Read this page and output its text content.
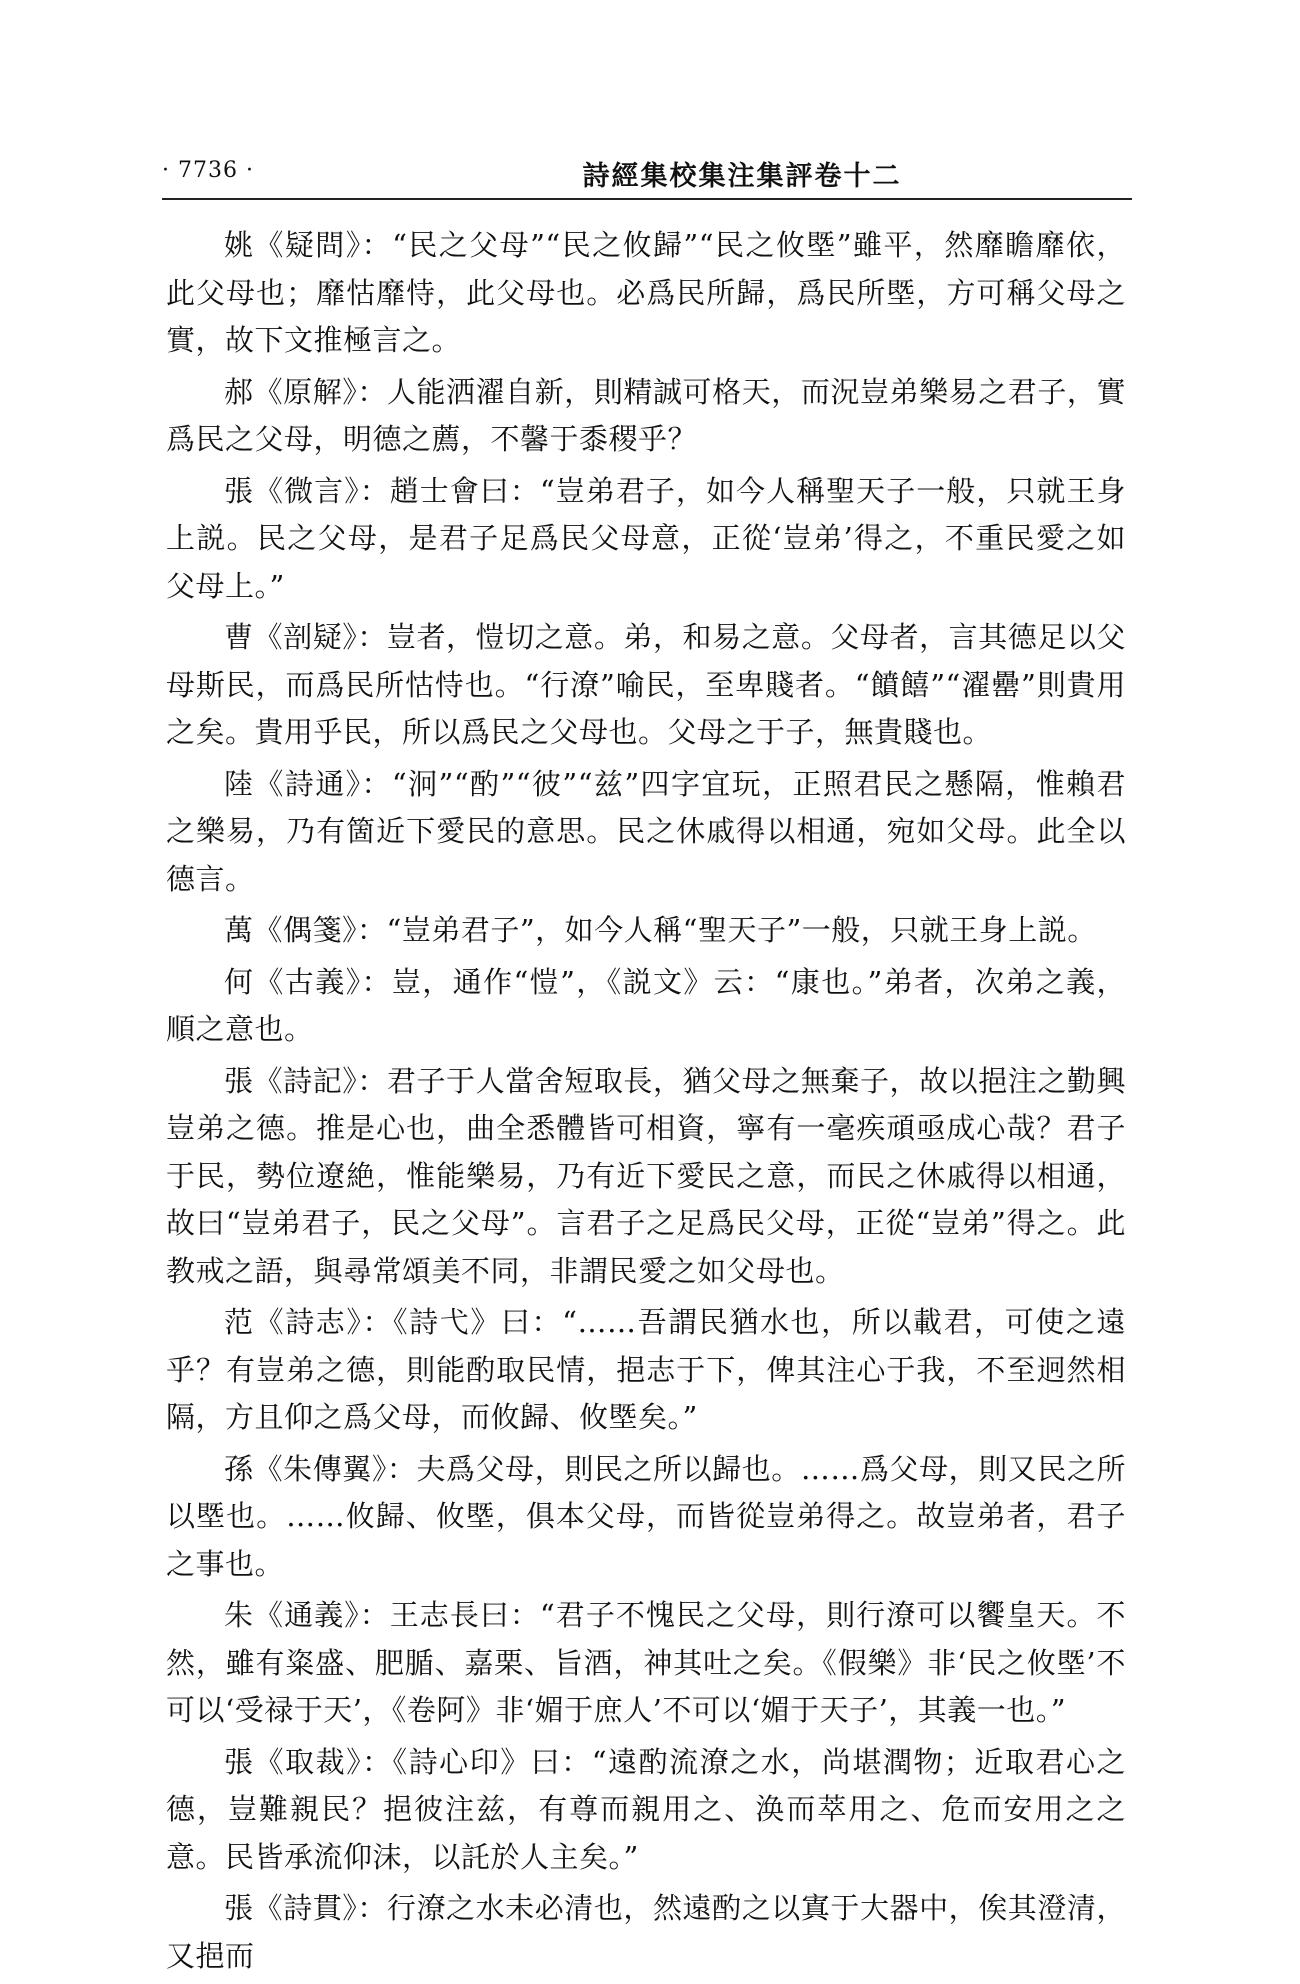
· 7736 ·	詩經集校集注集評卷十二

姚《疑問》：“民之父母”“民之攸歸”“民之攸塈”雖平，然靡瞻靡依，此父母也；靡怙靡恃，此父母也。必爲民所歸，爲民所塈，方可稱父母之實，故下文推極言之。

郝《原解》：人能洒濯自新，則精誠可格天，而況豈弟樂易之君子，實爲民之父母，明德之薦，不馨于黍稷乎？

張《微言》：趙士會曰：“豈弟君子，如今人稱聖天子一般，只就王身上説。民之父母，是君子足爲民父母意，正從‘豈弟’得之，不重民愛之如父母上。”

曹《剖疑》：豈者，愷切之意。弟，和易之意。父母者，言其德足以父母斯民，而爲民所怙恃也。“行潦”喻民，至卑賤者。“饙饎”“濯罍”則貴用之矣。貴用乎民，所以爲民之父母也。父母之于子，無貴賤也。

陸《詩通》：“泂”“酌”“彼”“兹”四字宜玩，正照君民之懸隔，惟賴君之樂易，乃有箇近下愛民的意思。民之休戚得以相通，宛如父母。此全以德言。

萬《偶箋》：“豈弟君子”，如今人稱“聖天子”一般，只就王身上説。

何《古義》：豈，通作“愷”，《説文》云：“康也。”弟者，次弟之義，順之意也。

張《詩記》：君子于人當舍短取長，猶父母之無棄子，故以挹注之勤興豈弟之德。推是心也，曲全悉體皆可相資，寧有一毫疾頑亟成心哉？君子于民，勢位遼絶，惟能樂易，乃有近下愛民之意，而民之休戚得以相通，故曰“豈弟君子，民之父母”。言君子之足爲民父母，正從“豈弟”得之。此教戒之語，與尋常頌美不同，非謂民愛之如父母也。

范《詩志》：《詩弋》曰：“……吾謂民猶水也，所以載君，可使之遠乎？有豈弟之德，則能酌取民情，挹志于下，俾其注心于我，不至迥然相隔，方且仰之爲父母，而攸歸、攸塈矣。”

孫《朱傳翼》：夫爲父母，則民之所以歸也。……爲父母，則又民之所以塈也。……攸歸、攸塈，俱本父母，而皆從豈弟得之。故豈弟者，君子之事也。

朱《通義》：王志長曰：“君子不愧民之父母，則行潦可以饗皇天。不然，雖有粢盛、肥腯、嘉栗、旨酒，神其吐之矣。《假樂》非‘民之攸塈’不可以‘受禄于天’，《卷阿》非‘媚于庶人’不可以‘媚于天子’，其義一也。”

張《取裁》：《詩心印》曰：“遠酌流潦之水，尚堪潤物；近取君心之德，豈難親民？挹彼注兹，有尊而親用之、涣而萃用之、危而安用之之意。民皆承流仰沫，以託於人主矣。”

張《詩貫》：行潦之水未必清也，然遠酌之以寘于大器中，俟其澄清，又挹而
